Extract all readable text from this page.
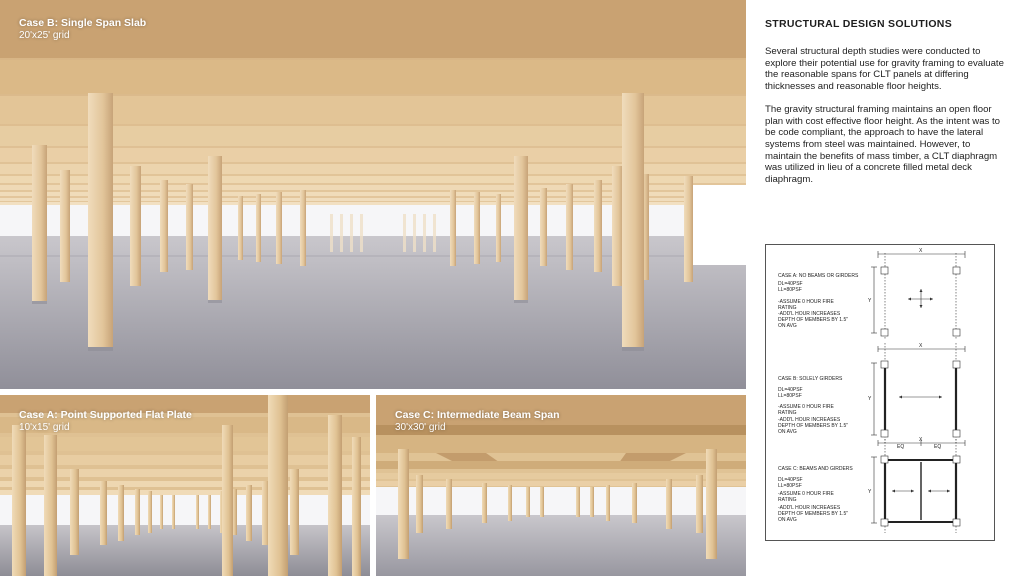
Case B: Single Span Slab
20'x25' grid
Case A: Point Supported Flat Plate
10'x15' grid
Case C: Intermediate Beam Span
30'x30' grid
STRUCTURAL DESIGN SOLUTIONS

Several structural depth studies were conducted to explore their potential use for gravity framing to evaluate the reasonable spans for CLT panels at differing thicknesses and reasonable floor heights.

The gravity structural framing maintains an open floor plan with cost effective floor height. As the intent was to be code compliant, the approach to have the lateral systems from steel was maintained. However, to maintain the benefits of mass timber, a CLT diaphragm was utilized in lieu of a concrete filled metal deck diaphragm.

X
Y
X
Y
X
EQ	EQ
Y
CASE A: NO BEAMS OR GIRDERS
DL=40PSF
LL=80PSF
-ASSUME 0 HOUR FIRE
RATING
-ADD'L HOUR INCREASES
DEPTH OF MEMBERS BY 1.5"
ON AVG
CASE B: SOLELY GIRDERS
DL=40PSF
LL=80PSF
-ASSUME 0 HOUR FIRE
RATING
-ADD'L HOUR INCREASES
DEPTH OF MEMBERS BY 1.5"
ON AVG
CASE C: BEAMS AND GIRDERS
DL=40PSF
LL=80PSF
-ASSUME 0 HOUR FIRE
RATING
-ADD'L HOUR INCREASES
DEPTH OF MEMBERS BY 1.5"
ON AVG
